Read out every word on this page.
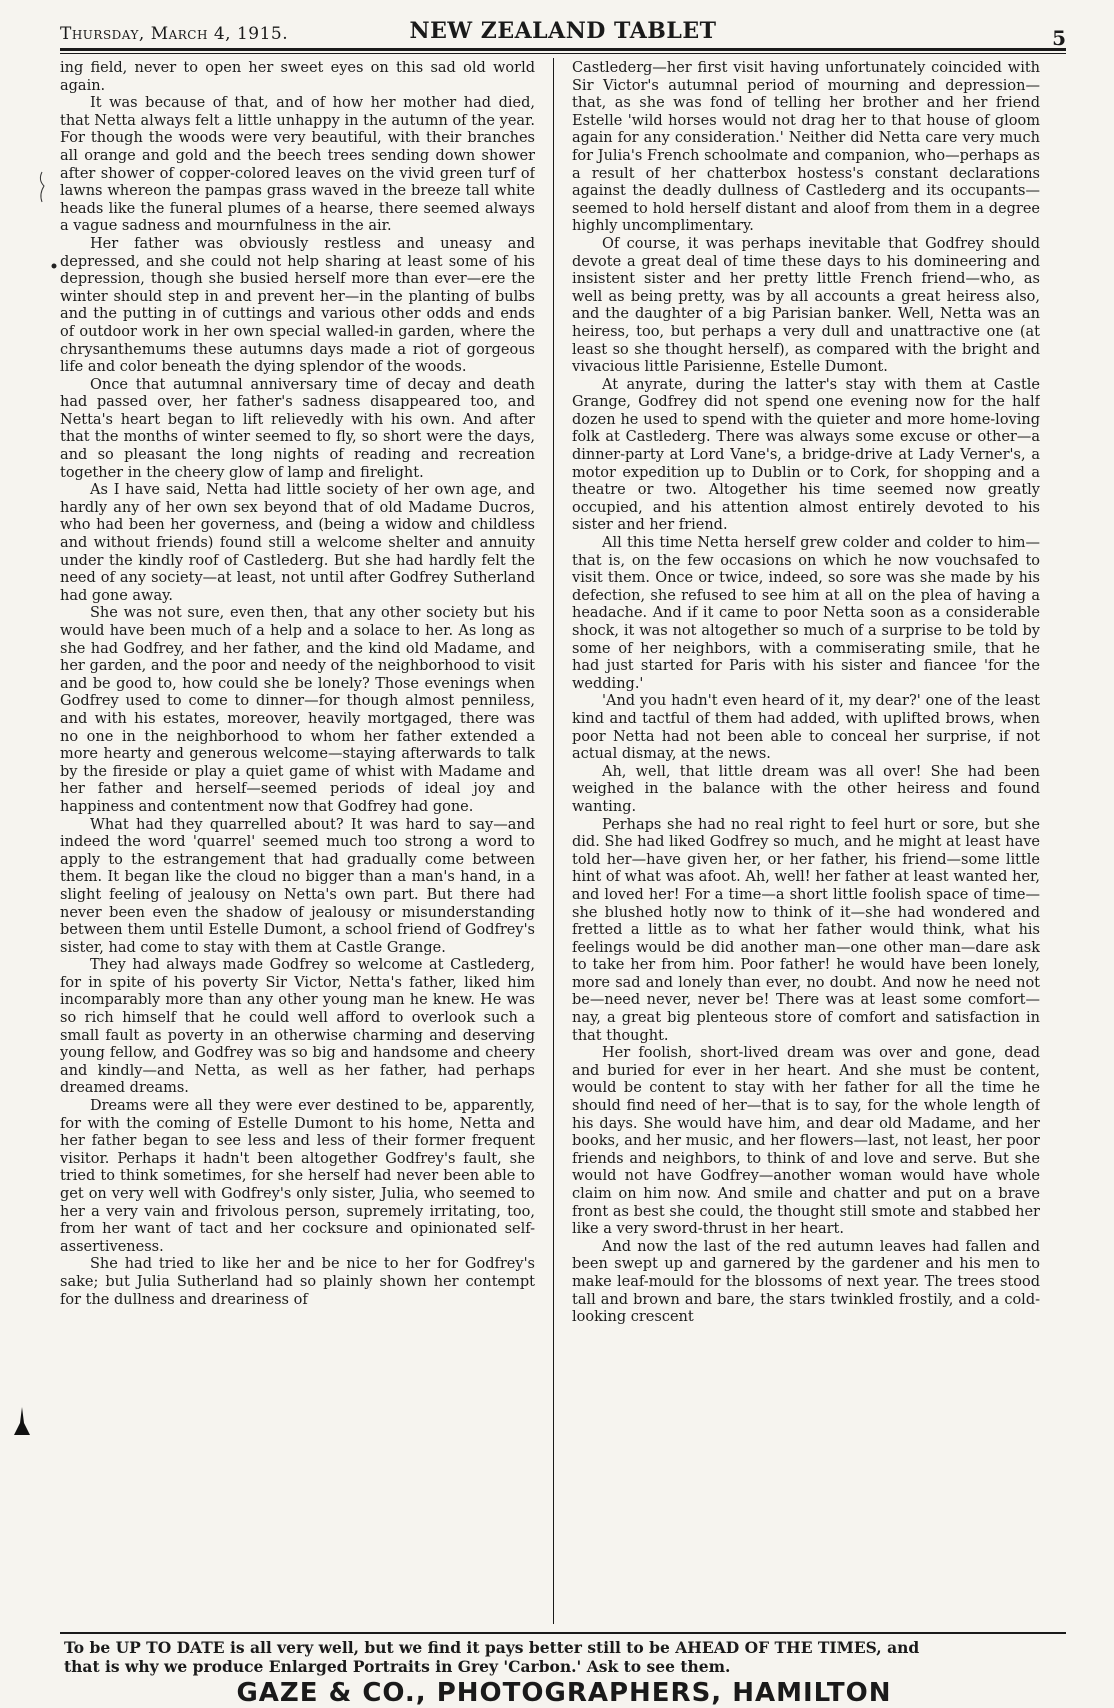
Thursday, March 4, 1915.	NEW ZEALAND TABLET	5

ing field, never to open her sweet eyes on this sad old world again.

It was because of that, and of how her mother had died, that Netta always felt a little unhappy in the autumn of the year. For though the woods were very beautiful, with their branches all orange and gold and the beech trees sending down shower after shower of copper-colored leaves on the vivid green turf of lawns whereon the pampas grass waved in the breeze tall white heads like the funeral plumes of a hearse, there seemed always a vague sadness and mournfulness in the air.

Her father was obviously restless and uneasy and depressed, and she could not help sharing at least some of his depression, though she busied herself more than ever—ere the winter should step in and prevent her—in the planting of bulbs and the putting in of cuttings and various other odds and ends of outdoor work in her own special walled-in garden, where the chrysanthemums these autumns days made a riot of gorgeous life and color beneath the dying splendor of the woods.

Once that autumnal anniversary time of decay and death had passed over, her father's sadness disappeared too, and Netta's heart began to lift relievedly with his own. And after that the months of winter seemed to fly, so short were the days, and so pleasant the long nights of reading and recreation together in the cheery glow of lamp and firelight.

As I have said, Netta had little society of her own age, and hardly any of her own sex beyond that of old Madame Ducros, who had been her governess, and (being a widow and childless and without friends) found still a welcome shelter and annuity under the kindly roof of Castlederg. But she had hardly felt the need of any society—at least, not until after Godfrey Sutherland had gone away.

She was not sure, even then, that any other society but his would have been much of a help and a solace to her. As long as she had Godfrey, and her father, and the kind old Madame, and her garden, and the poor and needy of the neighborhood to visit and be good to, how could she be lonely? Those evenings when Godfrey used to come to dinner—for though almost penniless, and with his estates, moreover, heavily mortgaged, there was no one in the neighborhood to whom her father extended a more hearty and generous welcome—staying afterwards to talk by the fireside or play a quiet game of whist with Madame and her father and herself—seemed periods of ideal joy and happiness and contentment now that Godfrey had gone.

What had they quarrelled about? It was hard to say—and indeed the word 'quarrel' seemed much too strong a word to apply to the estrangement that had gradually come between them. It began like the cloud no bigger than a man's hand, in a slight feeling of jealousy on Netta's own part. But there had never been even the shadow of jealousy or misunderstanding between them until Estelle Dumont, a school friend of Godfrey's sister, had come to stay with them at Castle Grange.

They had always made Godfrey so welcome at Castlederg, for in spite of his poverty Sir Victor, Netta's father, liked him incomparably more than any other young man he knew. He was so rich himself that he could well afford to overlook such a small fault as poverty in an otherwise charming and deserving young fellow, and Godfrey was so big and handsome and cheery and kindly—and Netta, as well as her father, had perhaps dreamed dreams.

Dreams were all they were ever destined to be, apparently, for with the coming of Estelle Dumont to his home, Netta and her father began to see less and less of their former frequent visitor. Perhaps it hadn't been altogether Godfrey's fault, she tried to think sometimes, for she herself had never been able to get on very well with Godfrey's only sister, Julia, who seemed to her a very vain and frivolous person, supremely irritating, too, from her want of tact and her cocksure and opinionated self-assertiveness.

She had tried to like her and be nice to her for Godfrey's sake; but Julia Sutherland had so plainly shown her contempt for the dullness and dreariness of

Castlederg—her first visit having unfortunately coincided with Sir Victor's autumnal period of mourning and depression—that, as she was fond of telling her brother and her friend Estelle 'wild horses would not drag her to that house of gloom again for any consideration.' Neither did Netta care very much for Julia's French schoolmate and companion, who—perhaps as a result of her chatterbox hostess's constant declarations against the deadly dullness of Castlederg and its occupants—seemed to hold herself distant and aloof from them in a degree highly uncomplimentary.

Of course, it was perhaps inevitable that Godfrey should devote a great deal of time these days to his domineering and insistent sister and her pretty little French friend—who, as well as being pretty, was by all accounts a great heiress also, and the daughter of a big Parisian banker. Well, Netta was an heiress, too, but perhaps a very dull and unattractive one (at least so she thought herself), as compared with the bright and vivacious little Parisienne, Estelle Dumont.

At anyrate, during the latter's stay with them at Castle Grange, Godfrey did not spend one evening now for the half dozen he used to spend with the quieter and more home-loving folk at Castlederg. There was always some excuse or other—a dinner-party at Lord Vane's, a bridge-drive at Lady Verner's, a motor expedition up to Dublin or to Cork, for shopping and a theatre or two. Altogether his time seemed now greatly occupied, and his attention almost entirely devoted to his sister and her friend.

All this time Netta herself grew colder and colder to him—that is, on the few occasions on which he now vouchsafed to visit them. Once or twice, indeed, so sore was she made by his defection, she refused to see him at all on the plea of having a headache. And if it came to poor Netta soon as a considerable shock, it was not altogether so much of a surprise to be told by some of her neighbors, with a commiserating smile, that he had just started for Paris with his sister and fiancee 'for the wedding.'

'And you hadn't even heard of it, my dear?' one of the least kind and tactful of them had added, with uplifted brows, when poor Netta had not been able to conceal her surprise, if not actual dismay, at the news.

Ah, well, that little dream was all over! She had been weighed in the balance with the other heiress and found wanting.

Perhaps she had no real right to feel hurt or sore, but she did. She had liked Godfrey so much, and he might at least have told her—have given her, or her father, his friend—some little hint of what was afoot. Ah, well! her father at least wanted her, and loved her! For a time—a short little foolish space of time—she blushed hotly now to think of it—she had wondered and fretted a little as to what her father would think, what his feelings would be did another man—one other man—dare ask to take her from him. Poor father! he would have been lonely, more sad and lonely than ever, no doubt. And now he need not be—need never, never be! There was at least some comfort—nay, a great big plenteous store of comfort and satisfaction in that thought.

Her foolish, short-lived dream was over and gone, dead and buried for ever in her heart. And she must be content, would be content to stay with her father for all the time he should find need of her—that is to say, for the whole length of his days. She would have him, and dear old Madame, and her books, and her music, and her flowers—last, not least, her poor friends and neighbors, to think of and love and serve. But she would not have Godfrey—another woman would have whole claim on him now. And smile and chatter and put on a brave front as best she could, the thought still smote and stabbed her like a very sword-thrust in her heart.

And now the last of the red autumn leaves had fallen and been swept up and garnered by the gardener and his men to make leaf-mould for the blossoms of next year. The trees stood tall and brown and bare, the stars twinkled frostily, and a cold-looking crescent

To be UP TO DATE is all very well, but we find it pays better still to be AHEAD OF THE TIMES, and
that is why we produce Enlarged Portraits in Grey 'Carbon.' Ask to see them.
GAZE & CO., PHOTOGRAPHERS, HAMILTON
